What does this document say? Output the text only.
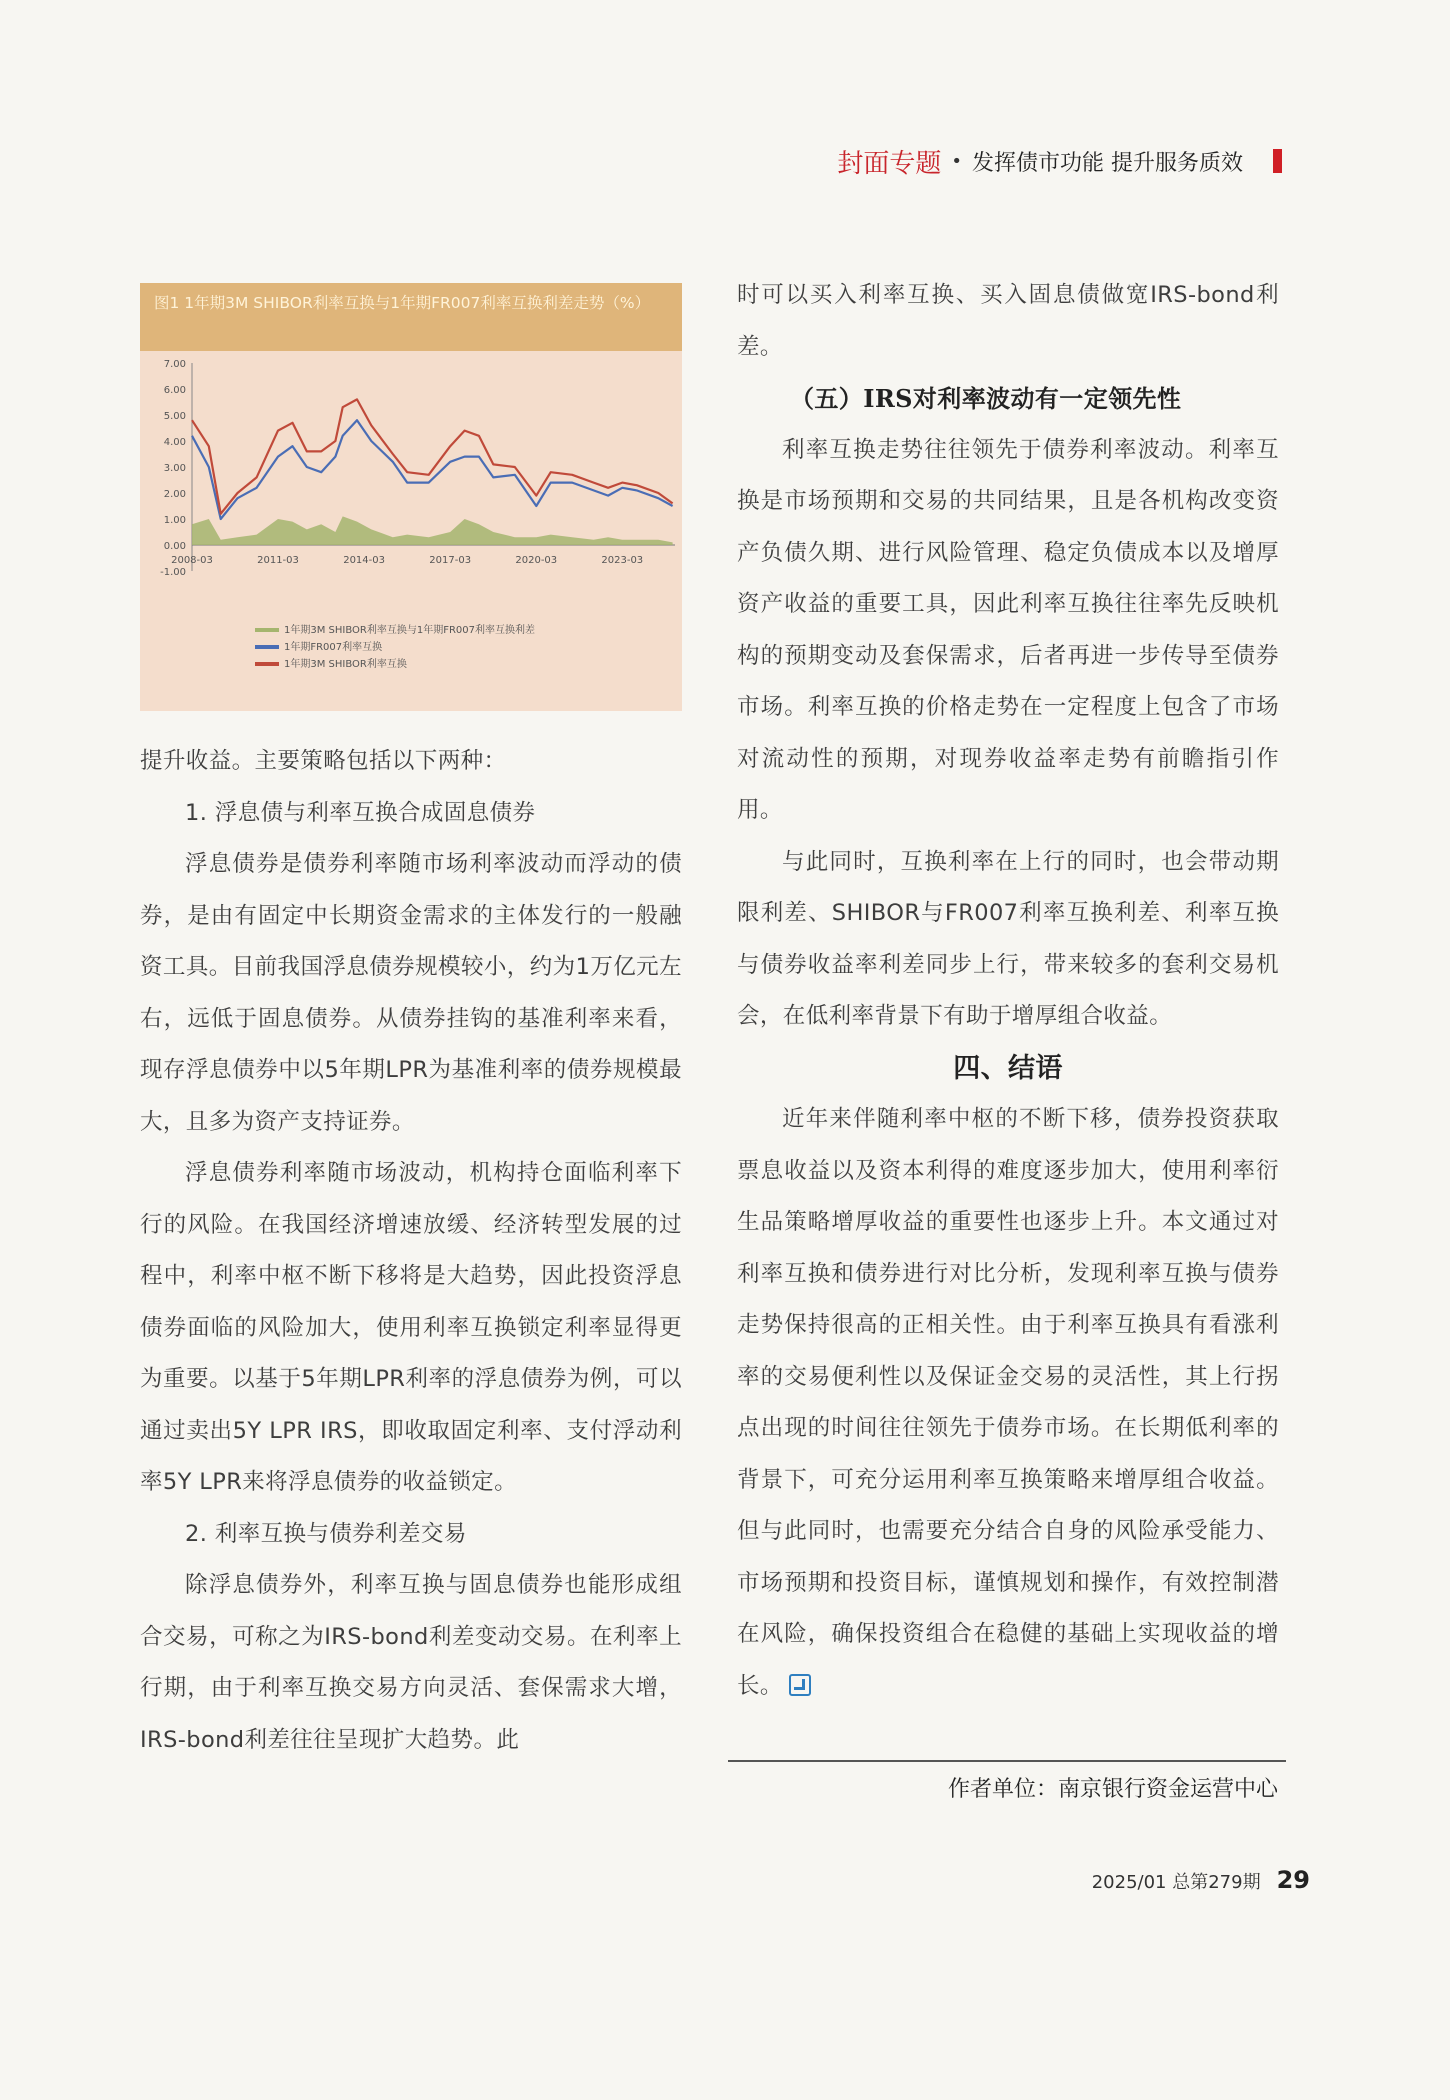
封面专题 • 发挥债市功能 提升服务质效
图1 1年期3M SHIBOR利率互换与1年期FR007利率互换利差走势（%）
7.00
6.00
5.00
4.00
3.00
2.00
1.00
0.00
-1.00
2008-03	2011-03	2014-03	2017-03	2020-03	2023-03
1年期3M SHIBOR利率互换与1年期FR007利率互换利差
1年期FR007利率互换
1年期3M SHIBOR利率互换

提升收益。主要策略包括以下两种：

1. 浮息债与利率互换合成固息债券

浮息债券是债券利率随市场利率波动而浮动的债券，是由有固定中长期资金需求的主体发行的一般融资工具。目前我国浮息债券规模较小，约为1万亿元左右，远低于固息债券。从债券挂钩的基准利率来看，现存浮息债券中以5年期LPR为基准利率的债券规模最大，且多为资产支持证券。

浮息债券利率随市场波动，机构持仓面临利率下行的风险。在我国经济增速放缓、经济转型发展的过程中，利率中枢不断下移将是大趋势，因此投资浮息债券面临的风险加大，使用利率互换锁定利率显得更为重要。以基于5年期LPR利率的浮息债券为例，可以通过卖出5Y LPR IRS，即收取固定利率、支付浮动利率5Y LPR来将浮息债券的收益锁定。

2. 利率互换与债券利差交易

除浮息债券外，利率互换与固息债券也能形成组合交易，可称之为IRS-bond利差变动交易。在利率上行期，由于利率互换交易方向灵活、套保需求大增，IRS-bond利差往往呈现扩大趋势。此

时可以买入利率互换、买入固息债做宽IRS-bond利差。

（五）IRS对利率波动有一定领先性

利率互换走势往往领先于债券利率波动。利率互换是市场预期和交易的共同结果，且是各机构改变资产负债久期、进行风险管理、稳定负债成本以及增厚资产收益的重要工具，因此利率互换往往率先反映机构的预期变动及套保需求，后者再进一步传导至债券市场。利率互换的价格走势在一定程度上包含了市场对流动性的预期，对现券收益率走势有前瞻指引作用。

与此同时，互换利率在上行的同时，也会带动期限利差、SHIBOR与FR007利率互换利差、利率互换与债券收益率利差同步上行，带来较多的套利交易机会，在低利率背景下有助于增厚组合收益。

四、结语

近年来伴随利率中枢的不断下移，债券投资获取票息收益以及资本利得的难度逐步加大，使用利率衍生品策略增厚收益的重要性也逐步上升。本文通过对利率互换和债券进行对比分析，发现利率互换与债券走势保持很高的正相关性。由于利率互换具有看涨利率的交易便利性以及保证金交易的灵活性，其上行拐点出现的时间往往领先于债券市场。在长期低利率的背景下，可充分运用利率互换策略来增厚组合收益。但与此同时，也需要充分结合自身的风险承受能力、市场预期和投资目标，谨慎规划和操作，有效控制潜在风险，确保投资组合在稳健的基础上实现收益的增长。

作者单位：南京银行资金运营中心
2025/01 总第279期 29
